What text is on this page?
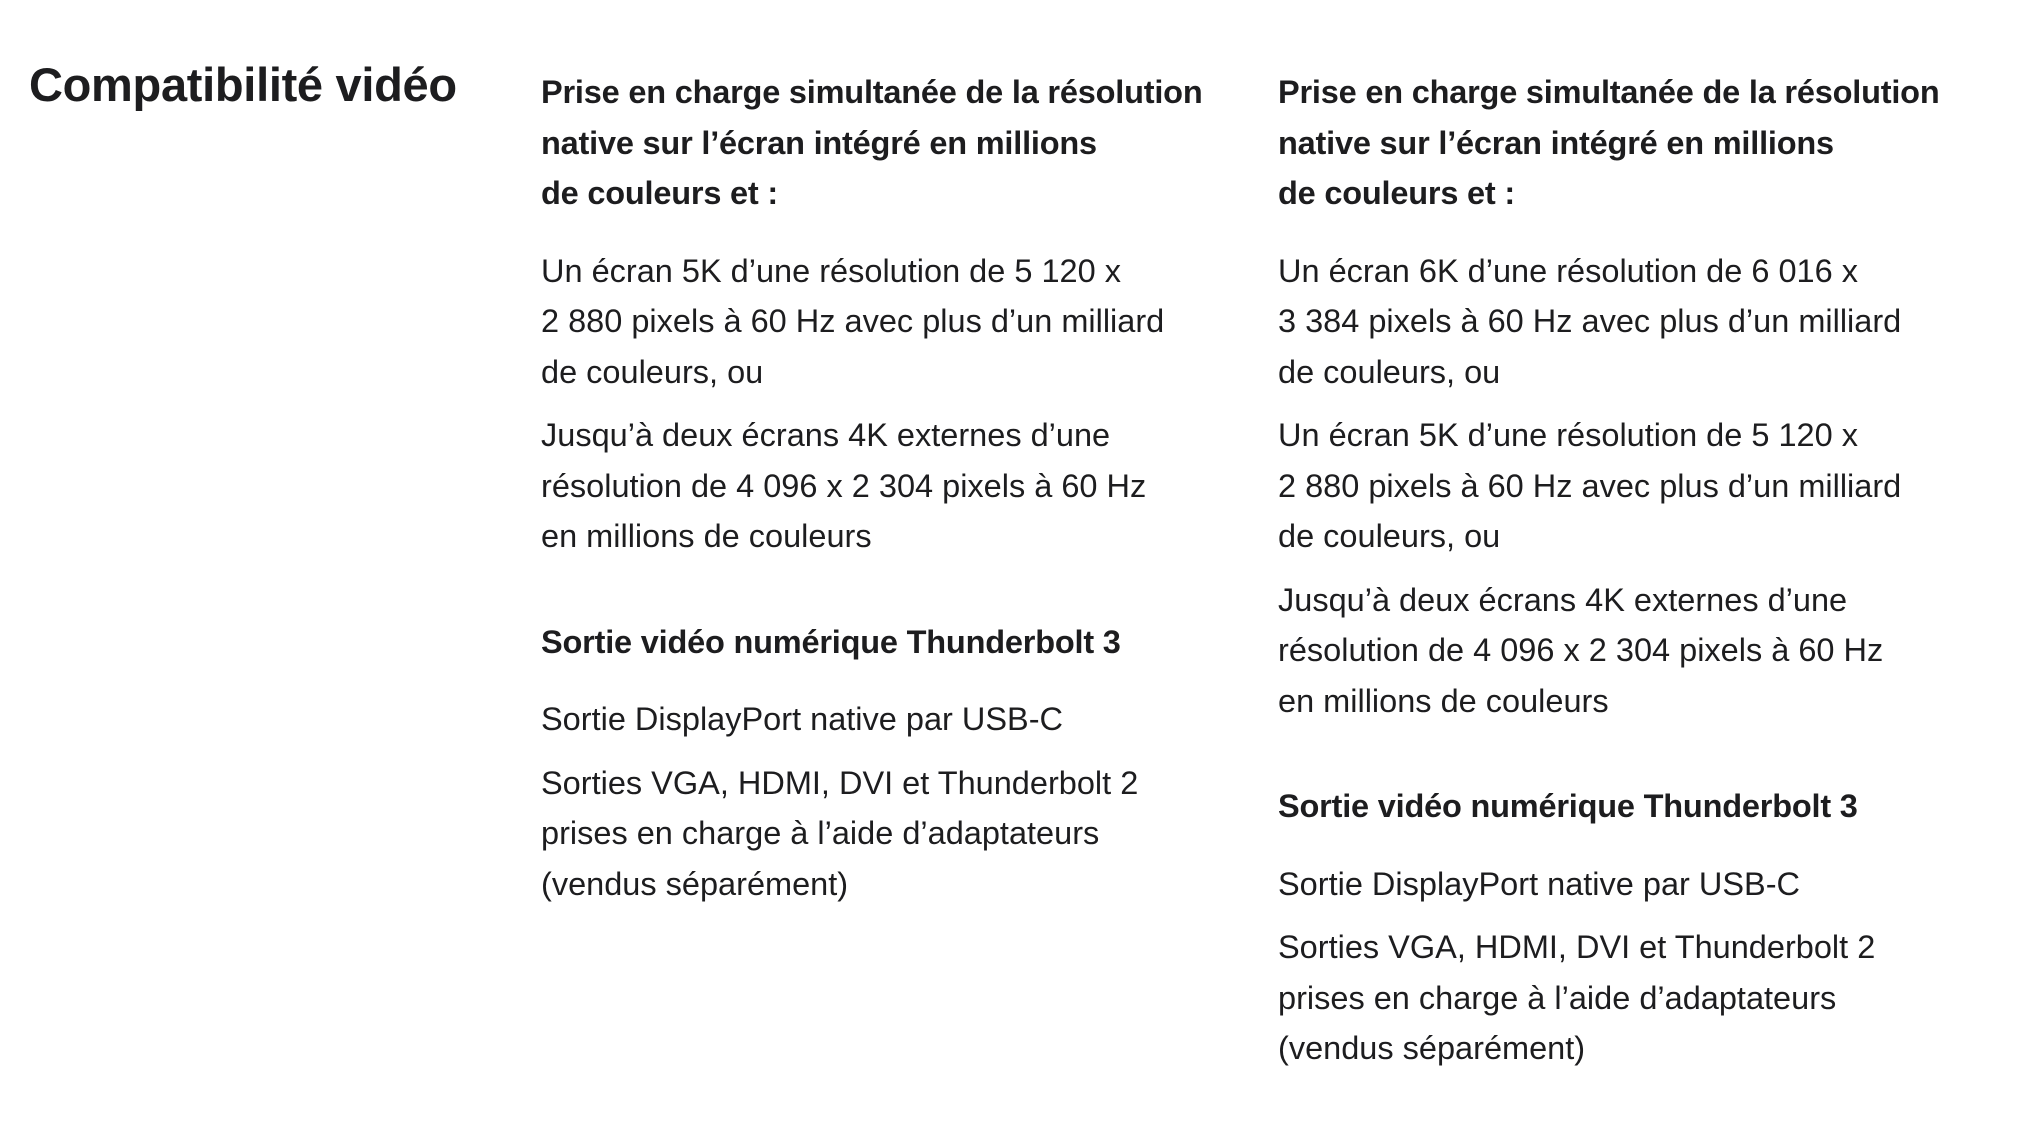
Compatibilité vidéo	Prise en charge simultanée de la résolution
native sur l’écran intégré en millions
de couleurs et :

Un écran 5K d’une résolution de 5 120 x
2 880 pixels à 60 Hz avec plus d’un milliard
de couleurs, ou

Jusqu’à deux écrans 4K externes d’une
résolution de 4 096 x 2 304 pixels à 60 Hz
en millions de couleurs

Sortie vidéo numérique Thunderbolt 3

Sortie DisplayPort native par USB-C

Sorties VGA, HDMI, DVI et Thunderbolt 2
prises en charge à l’aide d’adaptateurs
(vendus séparément)

Prise en charge simultanée de la résolution
native sur l’écran intégré en millions
de couleurs et :

Un écran 6K d’une résolution de 6 016 x
3 384 pixels à 60 Hz avec plus d’un milliard
de couleurs, ou

Un écran 5K d’une résolution de 5 120 x
2 880 pixels à 60 Hz avec plus d’un milliard
de couleurs, ou

Jusqu’à deux écrans 4K externes d’une
résolution de 4 096 x 2 304 pixels à 60 Hz
en millions de couleurs

Sortie vidéo numérique Thunderbolt 3

Sortie DisplayPort native par USB-C

Sorties VGA, HDMI, DVI et Thunderbolt 2
prises en charge à l’aide d’adaptateurs
(vendus séparément)
